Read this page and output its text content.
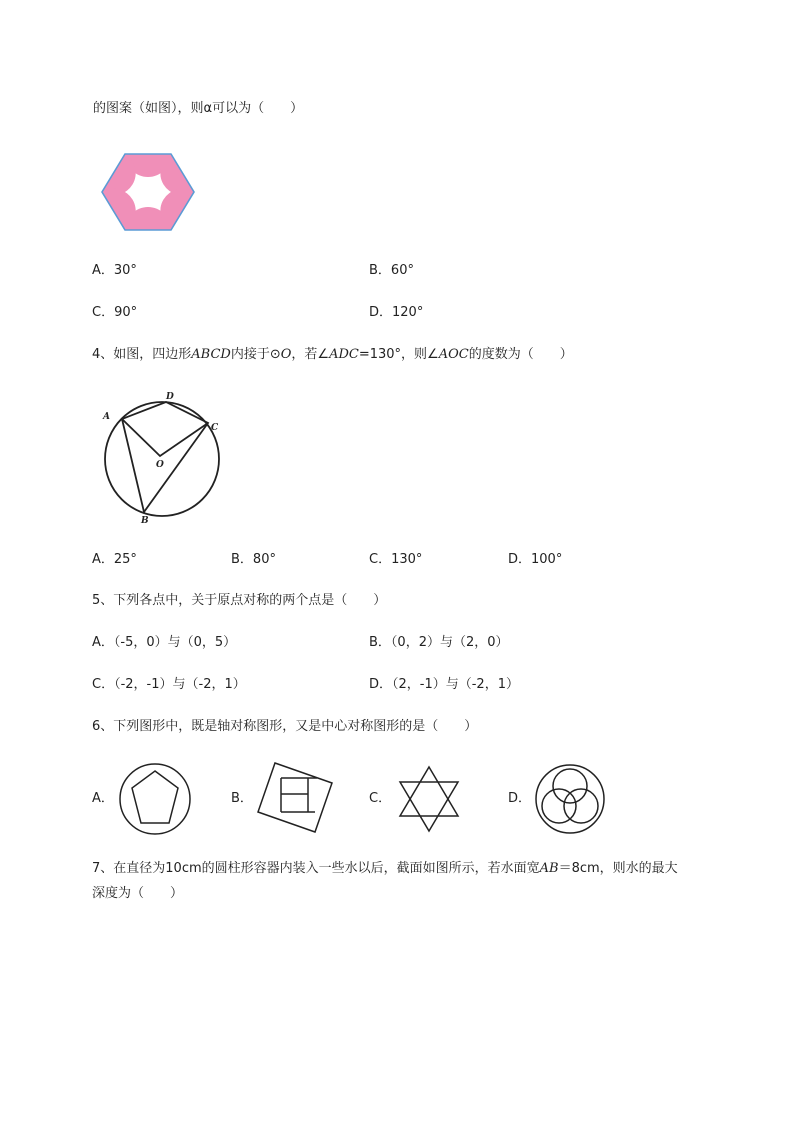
的图案（如图），则α可以为（　　）
A．30°	B．60°
C．90°	D．120°
4、如图，四边形ABCD内接于⊙O，若∠ADC=130°，则∠AOC的度数为（　　）
A
D
C
O
B
A．25°	B．80°	C．130°	D．100°
5、下列各点中，关于原点对称的两个点是（　　）
A．（-5，0）与（0，5）	B．（0，2）与（2，0）
C．（-2，-1）与（-2，1）	D．（2，-1）与（-2，1）
6、下列图形中，既是轴对称图形，又是中心对称图形的是（　　）
A．	B．	C．	D．
7、在直径为10cm的圆柱形容器内装入一些水以后，截面如图所示，若水面宽AB＝8cm，则水的最大
深度为（　　）
